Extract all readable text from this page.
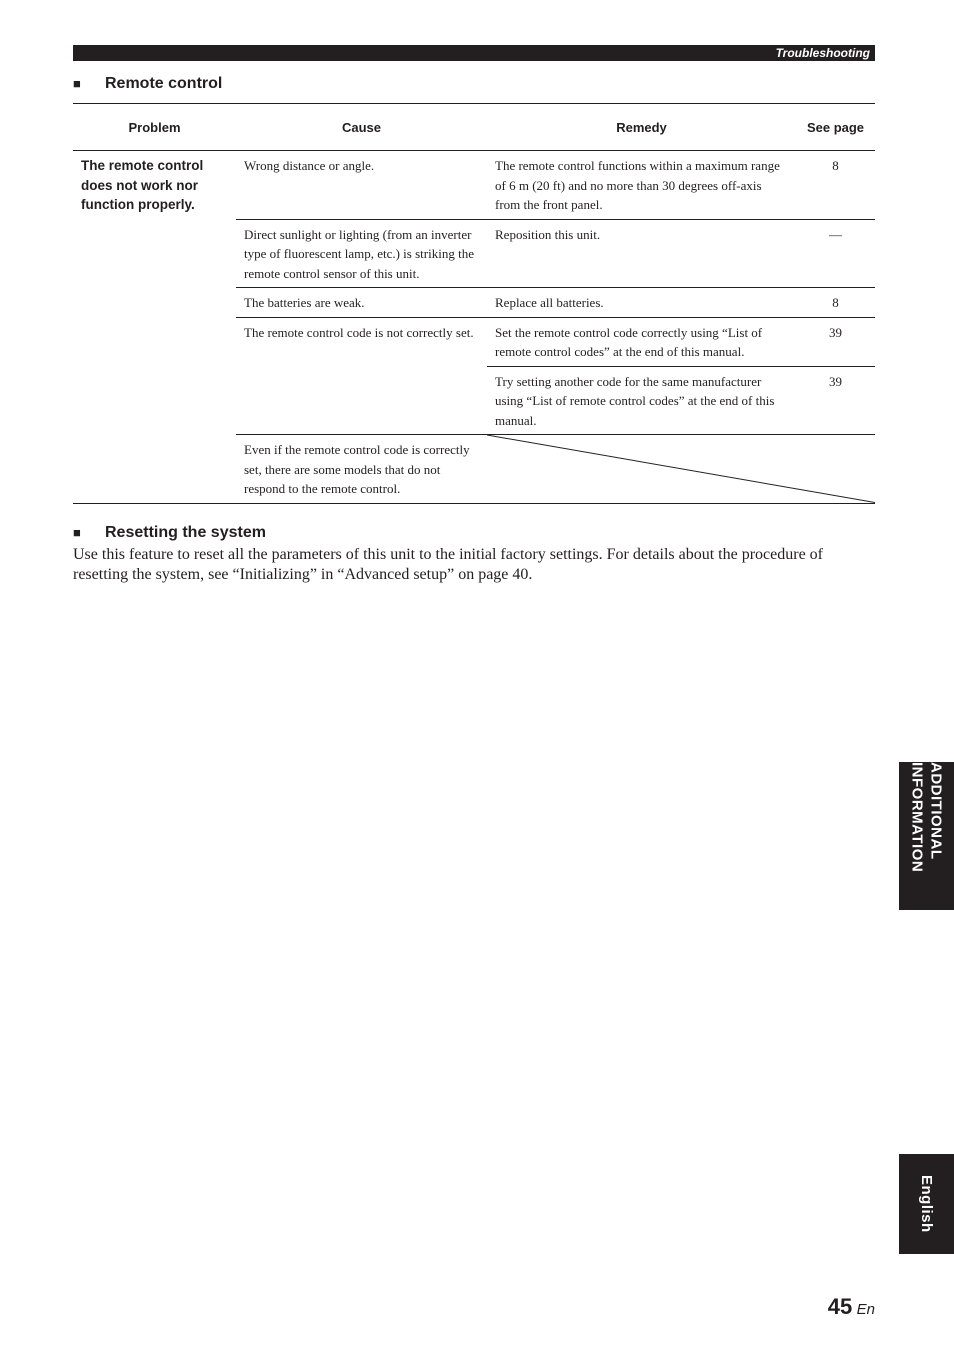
Troubleshooting
■ Remote control
Problem	Cause	Remedy	See page
The remote control does not work nor function properly.	Wrong distance or angle.	The remote control functions within a maximum range of 6 m (20 ft) and no more than 30 degrees off-axis from the front panel.	8
	Direct sunlight or lighting (from an inverter type of fluorescent lamp, etc.) is striking the remote control sensor of this unit.	Reposition this unit.	—
	The batteries are weak.	Replace all batteries.	8
	The remote control code is not correctly set.	Set the remote control code correctly using “List of remote control codes” at the end of this manual.	39
		Try setting another code for the same manufacturer using “List of remote control codes” at the end of this manual.	39
	Even if the remote control code is correctly set, there are some models that do not respond to the remote control.	
■ Resetting the system

Use this feature to reset all the parameters of this unit to the initial factory settings. For details about the procedure of resetting the system, see “Initializing” in “Advanced setup” on page 40.

ADDITIONAL INFORMATION
English
45 En
